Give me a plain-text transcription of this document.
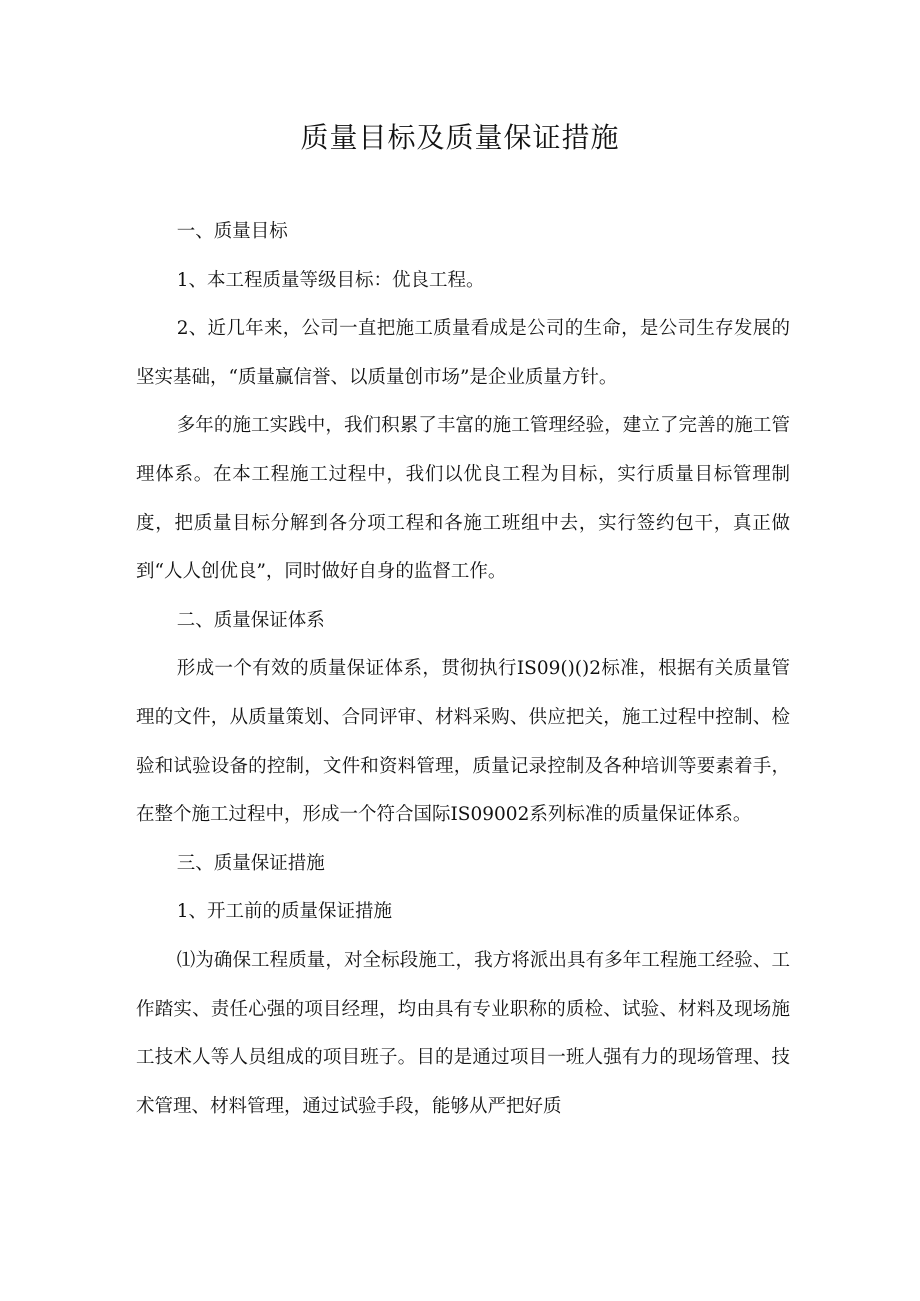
质量目标及质量保证措施

一、质量目标

1、本工程质量等级目标：优良工程。

2、近几年来，公司一直把施工质量看成是公司的生命，是公司生存发展的坚实基础，“质量赢信誉、以质量创市场”是企业质量方针。

多年的施工实践中，我们积累了丰富的施工管理经验，建立了完善的施工管理体系。在本工程施工过程中，我们以优良工程为目标，实行质量目标管理制度，把质量目标分解到各分项工程和各施工班组中去，实行签约包干，真正做到“人人创优良”，同时做好自身的监督工作。

二、质量保证体系

形成一个有效的质量保证体系，贯彻执行IS09()()2标准，根据有关质量管理的文件，从质量策划、合同评审、材料采购、供应把关，施工过程中控制、检验和试验设备的控制，文件和资料管理，质量记录控制及各种培训等要素着手，在整个施工过程中，形成一个符合国际IS09002系列标准的质量保证体系。

三、质量保证措施

1、开工前的质量保证措施

⑴为确保工程质量，对全标段施工，我方将派出具有多年工程施工经验、工作踏实、责任心强的项目经理，均由具有专业职称的质检、试验、材料及现场施工技术人等人员组成的项目班子。目的是通过项目一班人强有力的现场管理、技术管理、材料管理，通过试验手段，能够从严把好质
